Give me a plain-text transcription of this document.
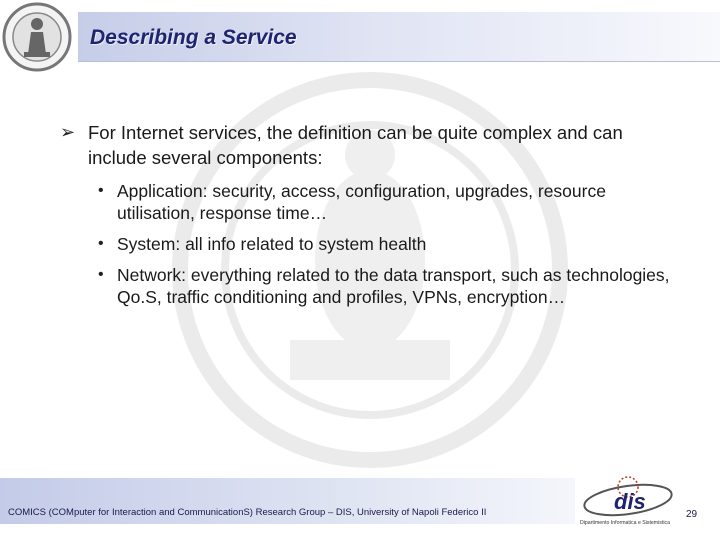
Describing a Service
➢ For Internet services, the definition can be quite complex and can include several components:
• Application: security, access, configuration, upgrades, resource utilisation, response time…
• System: all info related to system health
• Network: everything related to the data transport, such as technologies, Qo.S, traffic conditioning and profiles, VPNs, encryption…
COMICS (COMputer for Interaction and CommunicationS) Research Group – DIS, University of Napoli Federico II	dis
Dipartimento Informatica e Sistemistica
29
